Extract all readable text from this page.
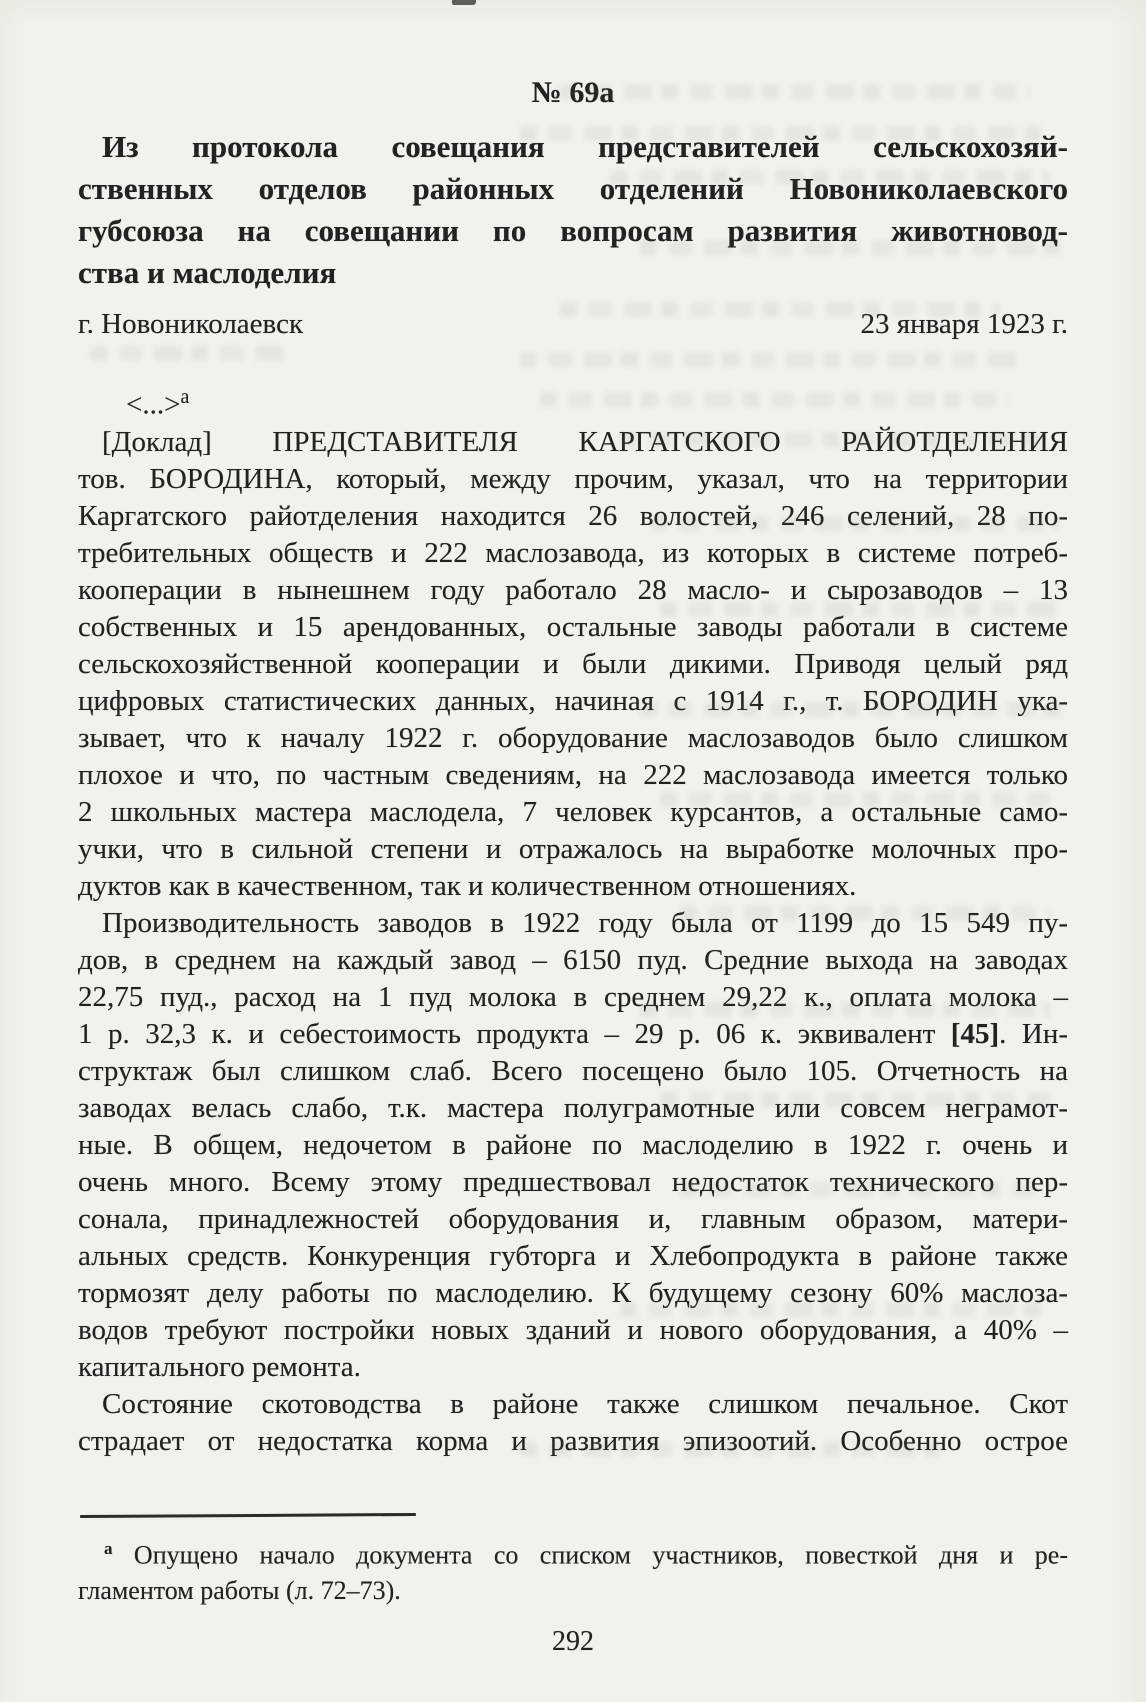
№ 69а
Из протокола совещания представителей сельскохозяй-
ственных отделов районных отделений Новониколаевского
губсоюза на совещании по вопросам развития животновод-
ства и маслоделия
г. Новониколаевск	23 января 1923 г.
<...>$^а$
[Доклад] ПРЕДСТАВИТЕЛЯ КАРГАТСКОГО РАЙОТДЕЛЕНИЯ
тов. БОРОДИНА, который, между прочим, указал, что на территории
Каргатского райотделения находится 26 волостей, 246 селений, 28 по-
требительных обществ и 222 маслозавода, из которых в системе потреб-
кооперации в нынешнем году работало 28 масло- и сырозаводов – 13
собственных и 15 арендованных, остальные заводы работали в системе
сельскохозяйственной кооперации и были дикими. Приводя целый ряд
цифровых статистических данных, начиная с 1914 г., т. БОРОДИН ука-
зывает, что к началу 1922 г. оборудование маслозаводов было слишком
плохое и что, по частным сведениям, на 222 маслозавода имеется только
2 школьных мастера маслодела, 7 человек курсантов, а остальные само-
учки, что в сильной степени и отражалось на выработке молочных про-
дуктов как в качественном, так и количественном отношениях.
Производительность заводов в 1922 году была от 1199 до 15 549 пу-
дов, в среднем на каждый завод – 6150 пуд. Средние выхода на заводах
22,75 пуд., расход на 1 пуд молока в среднем 29,22 к., оплата молока –
1 р. 32,3 к. и себестоимость продукта – 29 р. 06 к. эквивалент [45]. Ин-
структаж был слишком слаб. Всего посещено было 105. Отчетность на
заводах велась слабо, т.к. мастера полуграмотные или совсем неграмот-
ные. В общем, недочетом в районе по маслоделию в 1922 г. очень и
очень много. Всему этому предшествовал недостаток технического пер-
сонала, принадлежностей оборудования и, главным образом, матери-
альных средств. Конкуренция губторга и Хлебопродукта в районе также
тормозят делу работы по маслоделию. К будущему сезону 60% маслоза-
водов требуют постройки новых зданий и нового оборудования, а 40% –
капитального ремонта.
Состояние скотоводства в районе также слишком печальное. Скот
страдает от недостатка корма и развития эпизоотий. Особенно острое
$^а$ Опущено начало документа со списком участников, повесткой дня и ре-
гламентом работы (л. 72–73).
292
